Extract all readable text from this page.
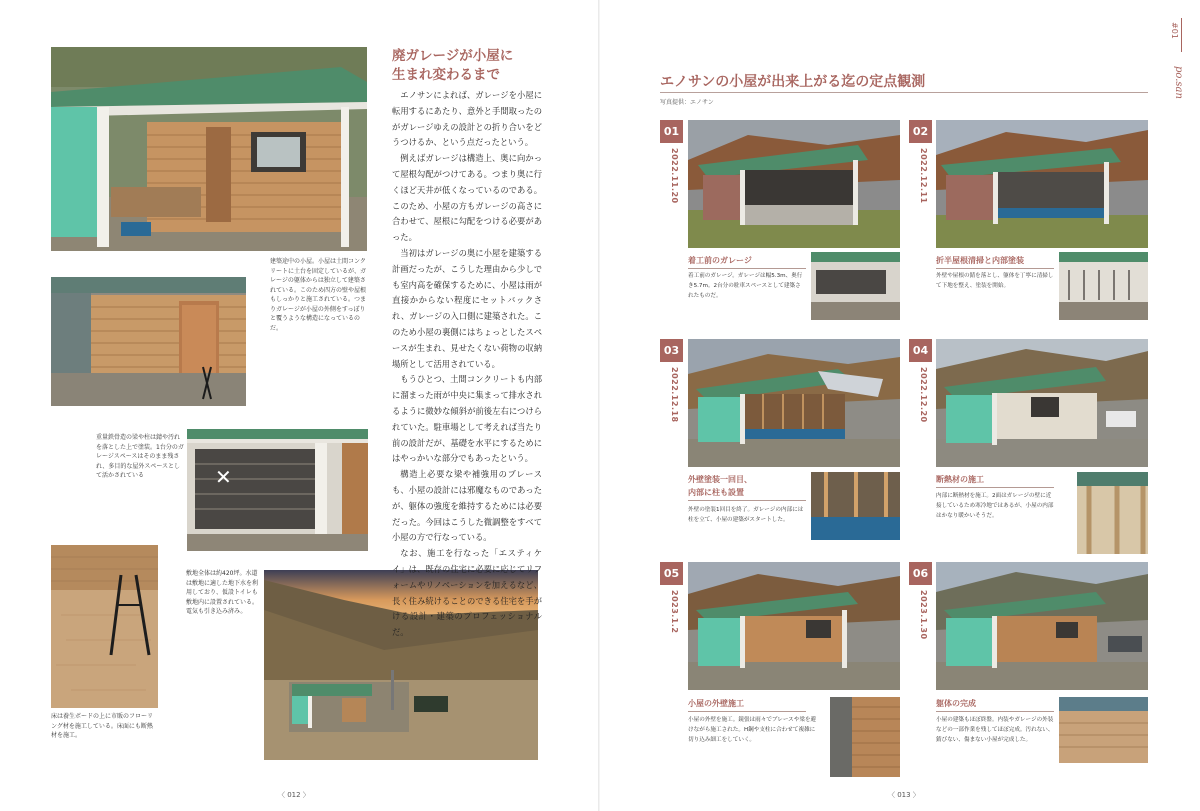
建築途中の小屋。小屋は土間コンクリートに土台を固定しているが、ガレージの躯体からは独立して建築されている。このため四方の壁や屋根もしっかりと施工されている。つまりガレージが小屋の外側をすっぽりと覆うような構造になっているのだ。
重量鉄骨造の梁や柱は錆や汚れを落とした上で塗装。1台分のガレージスペースはそのまま残され、多目的な屋外スペースとして活かされている	✕
床は養生ボードの上に市販のフローリング材を施工している。床面にも断熱材を施工。
敷地全体は約420坪。水道は敷地に適した地下水を利用しており、仮設トイレも敷地内に設置されている。電気も引き込み済み。
廃ガレージが小屋に
生まれ変わるまで

エノサンによれば、ガレージを小屋に転用するにあたり、意外と手間取ったのがガレージゆえの設計との折り合いをどうつけるか、という点だったという。

例えばガレージは構造上、奥に向かって屋根勾配がつけてある。つまり奥に行くほど天井が低くなっているのである。このため、小屋の方もガレージの高さに合わせて、屋根に勾配をつける必要があった。

当初はガレージの奥に小屋を建築する計画だったが、こうした理由から少しでも室内高を確保するために、小屋は雨が直接かからない程度にセットバックされ、ガレージの入口側に建築された。このため小屋の裏側にはちょっとしたスペースが生まれ、見せたくない荷物の収納場所として活用されている。

もうひとつ、土間コンクリートも内部に溜まった雨が中央に集まって排水されるように微妙な傾斜が前後左右につけられていた。駐車場として考えれば当たり前の設計だが、基礎を水平にするためにはやっかいな部分でもあったという。

構造上必要な梁や補強用のブレースも、小屋の設計には邪魔なものであったが、躯体の強度を維持するためには必要だった。今回はこうした微調整をすべて小屋の方で行なっている。

なお、施工を行なった「エスティケイ」は、既存の住宅に必要に応じてリフォームやリノベーションを加えるなど、長く住み続けることのできる住宅を手がける設計・建築のプロフェッショナルだ。

〈 012 〉
エノサンの小屋が出来上がる迄の定点観測
写真提供：エノサン
〈 013 〉
01
2022.11.20
着工前のガレージ
着工前のガレージ。ガレージは幅5.3m、奥行き5.7m。2台分の駐車スペースとして建築されたものだ。
02
2022.12.11
折半屋根清掃と内部塗装
外壁や屋根の錆を落とし、躯体を丁寧に清掃して下地を整え、塗装を開始。
03
2022.12.18
外壁塗装一回目、
内部に柱も設置
外壁の塗装1回目を終了。ガレージの内部には柱を立て、小屋の建築がスタートした。
04
2022.12.20
断熱材の施工
内部に断熱材を施工。2面はガレージの壁に近接しているため寒冷地ではあるが、小屋の内部はかなり暖かいそうだ。
05
2023.1.2
小屋の外壁施工
小屋の外壁を施工。鏡張は雨々でブレースや梁を避けながら施工された。H鋼や支柱に合わせて複雑に切り込み細工をしていく。
06
2023.1.30
躯体の完成
小屋の建築もほぼ終盤。内装やガレージの外装などの一部作業を残してほぼ完成。汚れない、錆びない、傷まない小屋が完成した。
#01
po.san
